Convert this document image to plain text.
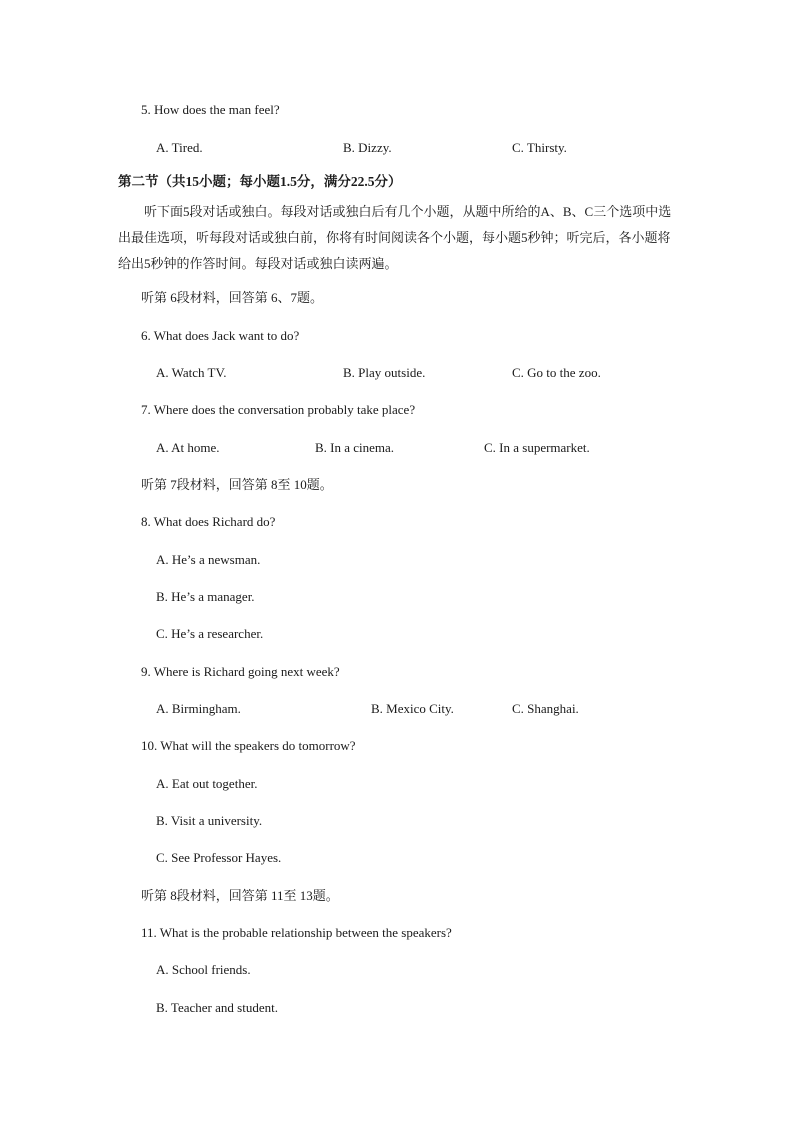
5. How does the man feel?
A. Tired.	B. Dizzy.	C. Thirsty.
第二节（共15小题；每小题1.5分，满分22.5分）
听下面5段对话或独白。每段对话或独白后有几个小题，从题中所给的A、B、C三个选项中选出最佳选项，听每段对话或独白前，你将有时间阅读各个小题，每小题5秒钟；听完后，各小题将给出5秒钟的作答时间。每段对话或独白读两遍。
听第 6段材料，回答第 6、7题。
6. What does Jack want to do?
A. Watch TV.	B. Play outside.	C. Go to the zoo.
7. Where does the conversation probably take place?
A. At home.	B. In a cinema.	C. In a supermarket.
听第 7段材料，回答第 8至 10题。
8. What does Richard do?
A. He’s a newsman.
B. He’s a manager.
C. He’s a researcher.
9. Where is Richard going next week?
A. Birmingham.	B. Mexico City.	C. Shanghai.
10. What will the speakers do tomorrow?
A. Eat out together.
B. Visit a university.
C. See Professor Hayes.
听第 8段材料，回答第 11至 13题。
11. What is the probable relationship between the speakers?
A. School friends.
B. Teacher and student.
